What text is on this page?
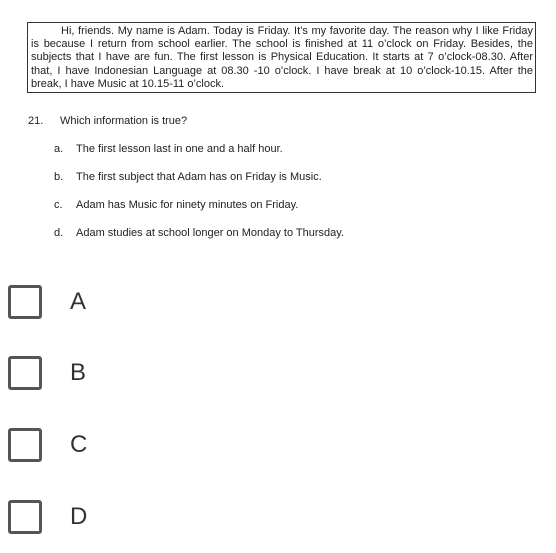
Hi, friends. My name is Adam. Today is Friday. It’s my favorite day. The reason why I like Friday is because I return from school earlier. The school is finished at 11 o’clock on Friday. Besides, the subjects that I have are fun. The first lesson is Physical Education. It starts at 7 o’clock-08.30. After that, I have Indonesian Language at 08.30 -10 o’clock. I have break at 10 o’clock-10.15. After the break, I have Music at 10.15-11 o’clock.

21. Which information is true?
a.	The first lesson last in one and a half hour.
b.	The first subject that Adam has on Friday is Music.
c.	Adam has Music for ninety minutes on Friday.
d.	Adam studies at school longer on Monday to Thursday.
A
B
C
D
